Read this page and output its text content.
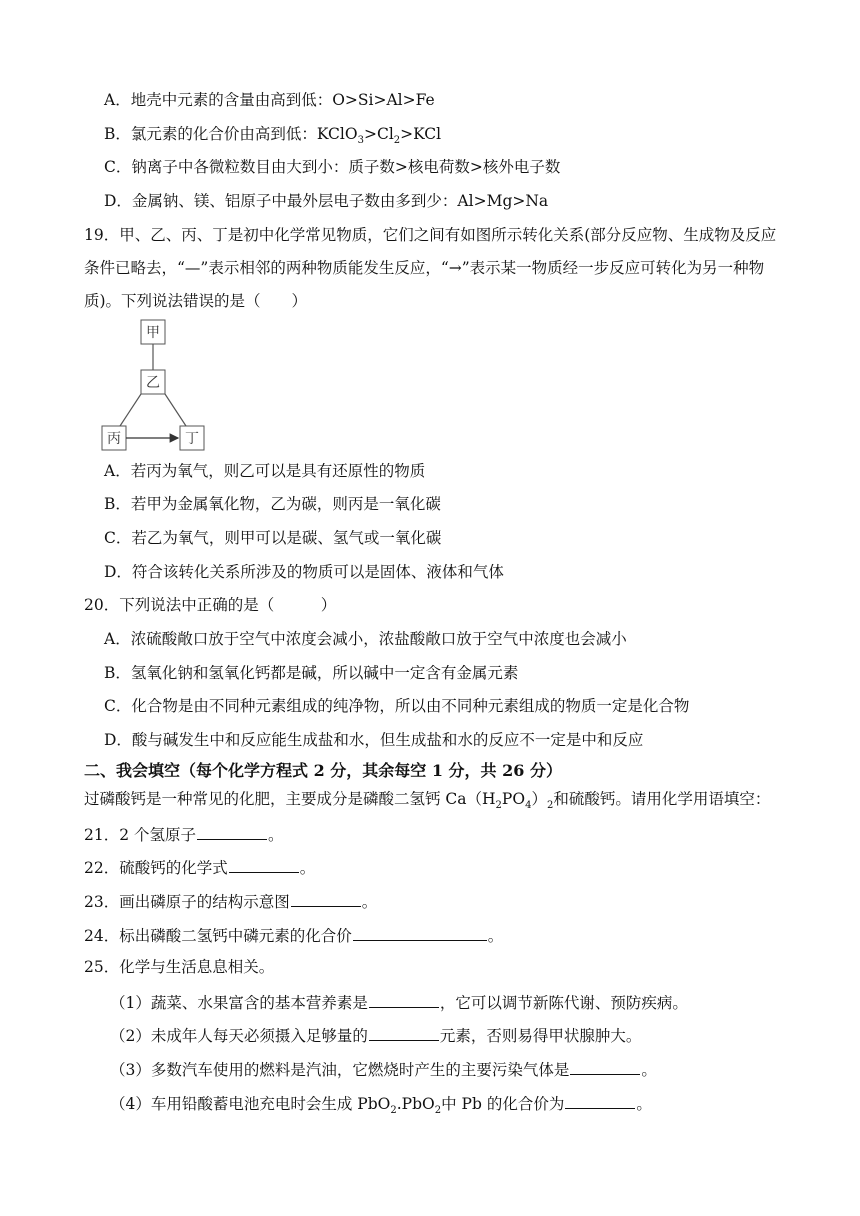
A．地壳中元素的含量由高到低：O>Si>Al>Fe
B．氯元素的化合价由高到低：$KClO_3>Cl_2>KCl$
C．钠离子中各微粒数目由大到小：质子数>核电荷数>核外电子数
D．金属钠、镁、铝原子中最外层电子数由多到少：Al>Mg>Na
19．甲、乙、丙、丁是初中化学常见物质，它们之间有如图所示转化关系(部分反应物、生成物及反应
条件已略去，“—”表示相邻的两种物质能发生反应，“→”表示某一物质经一步反应可转化为另一种物
质)。下列说法错误的是（　　）
甲
乙
丙	丁
A．若丙为氧气，则乙可以是具有还原性的物质
B．若甲为金属氧化物，乙为碳，则丙是一氧化碳
C．若乙为氧气，则甲可以是碳、氢气或一氧化碳
D．符合该转化关系所涉及的物质可以是固体、液体和气体
20．下列说法中正确的是（　　　）
A．浓硫酸敞口放于空气中浓度会减小，浓盐酸敞口放于空气中浓度也会减小
B．氢氧化钠和氢氧化钙都是碱，所以碱中一定含有金属元素
C．化合物是由不同种元素组成的纯净物，所以由不同种元素组成的物质一定是化合物
D．酸与碱发生中和反应能生成盐和水，但生成盐和水的反应不一定是中和反应
二、我会填空（每个化学方程式 2 分，其余每空 1 分，共 26 分）
过磷酸钙是一种常见的化肥，主要成分是磷酸二氢钙 $Ca(H_2PO_4)_2$和硫酸钙。请用化学用语填空：
21．2 个氢原子	。
22．硫酸钙的化学式	。
23．画出磷原子的结构示意图	。
24．标出磷酸二氢钙中磷元素的化合价	。
25．化学与生活息息相关。
（1）蔬菜、水果富含的基本营养素是	，它可以调节新陈代谢、预防疾病。
（2）未成年人每天必须摄入足够量的	元素，否则易得甲状腺肿大。
（3）多数汽车使用的燃料是汽油，它燃烧时产生的主要污染气体是	。
（4）车用铅酸蓄电池充电时会生成 PbO$_2$.PbO$_2$中 Pb 的化合价为	。
